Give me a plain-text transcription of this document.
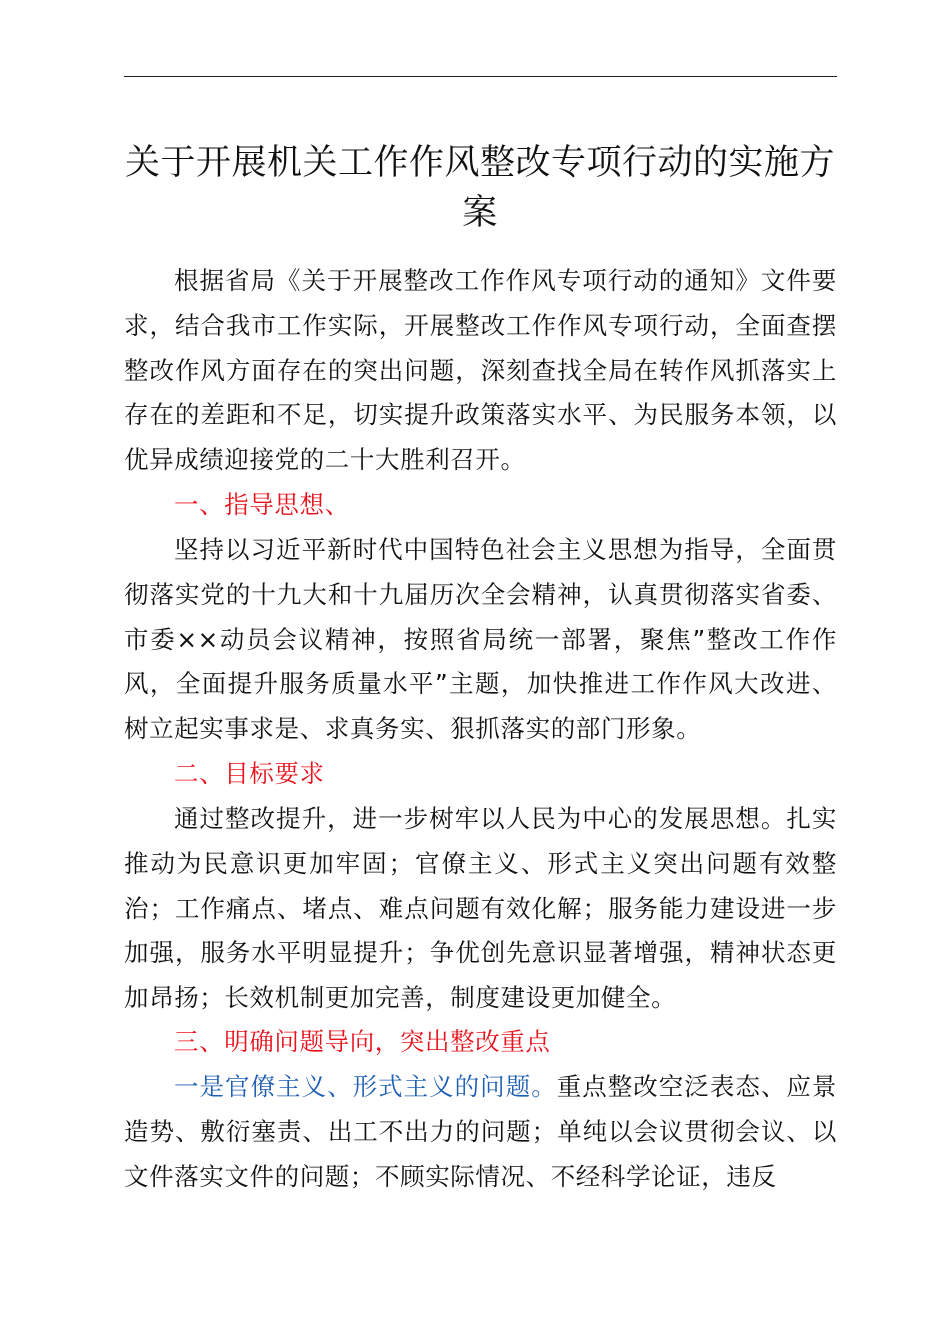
关于开展机关工作作风整改专项行动的实施方案
根据省局《关于开展整改工作作风专项行动的通知》文件要求，结合我市工作实际，开展整改工作作风专项行动，全面查摆整改作风方面存在的突出问题，深刻查找全局在转作风抓落实上存在的差距和不足，切实提升政策落实水平、为民服务本领，以优异成绩迎接党的二十大胜利召开。
一、指导思想、
坚持以习近平新时代中国特色社会主义思想为指导，全面贯彻落实党的十九大和十九届历次全会精神，认真贯彻落实省委、市委××动员会议精神，按照省局统一部署，聚焦”整改工作作风，全面提升服务质量水平”主题，加快推进工作作风大改进、树立起实事求是、求真务实、狠抓落实的部门形象。
二、目标要求
通过整改提升，进一步树牢以人民为中心的发展思想。扎实推动为民意识更加牢固；官僚主义、形式主义突出问题有效整治；工作痛点、堵点、难点问题有效化解；服务能力建设进一步加强，服务水平明显提升；争优创先意识显著增强，精神状态更加昂扬；长效机制更加完善，制度建设更加健全。
三、明确问题导向，突出整改重点
一是官僚主义、形式主义的问题。重点整改空泛表态、应景造势、敷衍塞责、出工不出力的问题；单纯以会议贯彻会议、以文件落实文件的问题；不顾实际情况、不经科学论证，违反
